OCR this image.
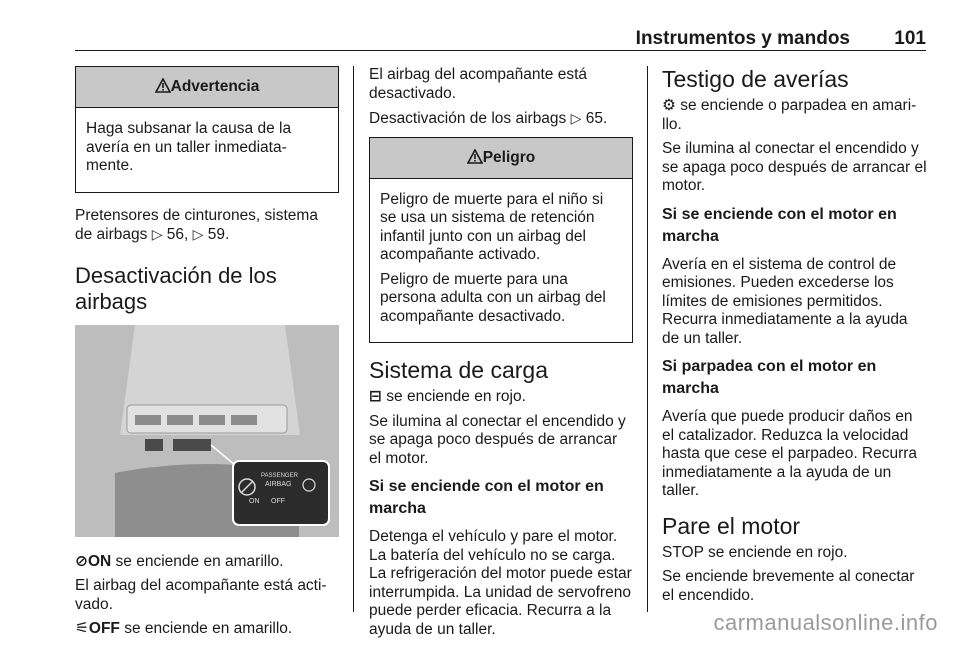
Instrumentos y mandos 101
Advertencia

Haga subsanar la causa de la avería en un taller inmediata-mente.

Pretensores de cinturones, sistema de airbags ▷ 56, ▷ 59.

Desactivación de los airbags
PASSENGER
AIRBAG
ON OFF

⊘ON se enciende en amarillo.

El airbag del acompañante está acti-vado.

⚟OFF se enciende en amarillo.

El airbag del acompañante está desactivado.

Desactivación de los airbags ▷ 65.

Peligro

Peligro de muerte para el niño si se usa un sistema de retención infantil junto con un airbag del acompañante activado.

Peligro de muerte para una persona adulta con un airbag del acompañante desactivado.

Sistema de carga

⊟ se enciende en rojo.

Se ilumina al conectar el encendido y se apaga poco después de arrancar el motor.

Si se enciende con el motor en marcha

Detenga el vehículo y pare el motor. La batería del vehículo no se carga. La refrigeración del motor puede estar interrumpida. La unidad de servofreno puede perder eficacia. Recurra a la ayuda de un taller.

Testigo de averías

⚙ se enciende o parpadea en amari-llo.

Se ilumina al conectar el encendido y se apaga poco después de arrancar el motor.

Si se enciende con el motor en marcha

Avería en el sistema de control de emisiones. Pueden excederse los límites de emisiones permitidos. Recurra inmediatamente a la ayuda de un taller.

Si parpadea con el motor en marcha

Avería que puede producir daños en el catalizador. Reduzca la velocidad hasta que cese el parpadeo. Recurra inmediatamente a la ayuda de un taller.

Pare el motor

STOP se enciende en rojo.

Se enciende brevemente al conectar el encendido.

carmanualsonline.info
